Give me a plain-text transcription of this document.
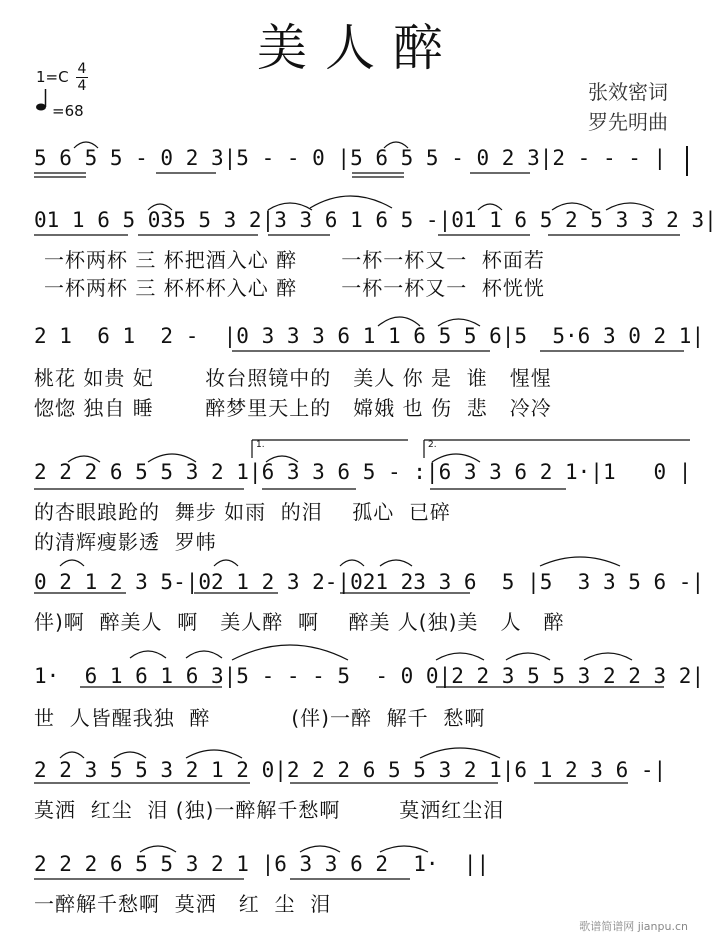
美人醉
1=C 4
4
=68
张效密词
罗先明曲
5 6 5 5 - 0 2 3|5 - - 0 |5 6 5 5 - 0 2 3|2 - - - |
01 1 6 5 035 5 3 2|3 3 6 1 6 5 -|01 1 6 5 2 5 3 3 2 3|
一杯两杯 三 杯把酒入心 醉      一杯一杯又一  杯面若
一杯两杯 三 杯杯杯入心 醉      一杯一杯又一  杯恍恍
2 1  6 1  2 -  |0 3 3 3 6 1 1 6 5 5 6|5  5·6 3 0 2 1|
桃花 如贵 妃       妆台照镜中的   美人 你 是  谁   惺惺
惚惚 独自 睡       醉梦里天上的   嫦娥 也 伤  悲   冷冷
1.	2.
2 2 2 6 5 5 3 2 1|6 3 3 6 5 - :|6 3 3 6 2 1·|1   0 |
的杏眼踉跄的  舞步 如雨  的泪    孤心  已碎
的清辉瘦影透  罗帏
0 2 1 2 3 5-|02 1 2 3 2-|021 23 3 6  5 |5  3 3 5 6 -|
伴)啊  醉美人  啊   美人醉  啊    醉美 人(独)美   人   醉
1·  6 1 6 1 6 3|5 - - - 5  - 0 0|2 2 3 5 5 3 2 2 3 2|
世  人皆醒我独  醉           (伴)一醉  解千  愁啊
2 2 3 5 5 3 2 1 2 0|2 2 2 6 5 5 3 2 1|6 1 2 3 6 -|
莫洒  红尘  泪 (独)一醉解千愁啊        莫洒红尘泪
2 2 2 6 5 5 3 2 1 |6 3 3 6 2  1·  ||
一醉解千愁啊  莫洒   红  尘  泪
歌谱简谱网 jianpu.cn
